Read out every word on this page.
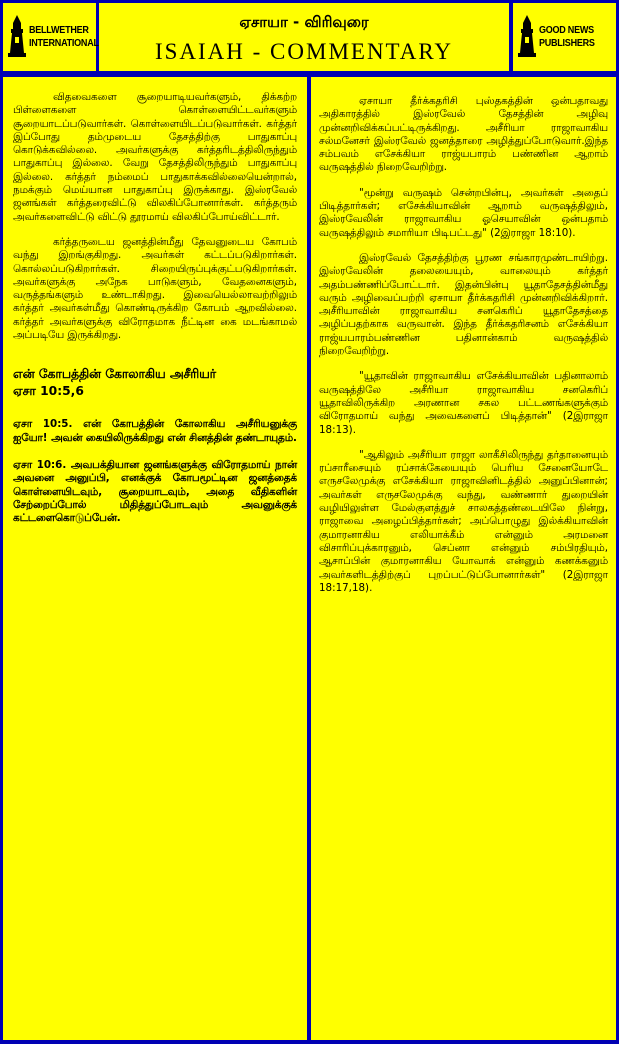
BELLWETHER
INTERNATIONAL
ஏசாயா - விரிவுரை
ISAIAH - COMMENTARY
GOOD NEWS
PUBLISHERS

விதவைகளை சூறையாடியவர்களும், திக்கற்ற பிள்ளைகளை கொள்ளையிட்டவர்களும் சூறையாடப்படுவார்கள். கொள்ளையிடப்படுவார்கள். கர்த்தர் இப்போது தம்முடைய தேசத்திற்கு பாதுகாப்பு கொடுக்கவில்லை. அவர்களுக்கு கர்த்தரிடத்திலிருந்தும் பாதுகாப்பு இல்லை. வேறு தேசத்திலிருந்தும் பாதுகாப்பு இல்லை. கர்த்தர் நம்மைப் பாதுகாக்கவில்லையென்றால், நமக்கும் மெய்யான பாதுகாப்பு இருக்காது. இஸ்ரவேல் ஜனங்கள் கர்த்தரைவிட்டு விலகிப்போனார்கள். கர்த்தரும் அவர்களைவிட்டு விட்டு தூரமாய் விலகிப்போய்விட்டார்.

கர்த்தருடைய ஜனத்தின்மீது தேவனுடைய கோபம் வந்து இறங்குகிறது. அவர்கள் கட்டப்படுகிறார்கள். கொல்லப்படுகிறார்கள். சிறையிருப்புக்குட்படுகிறார்கள். அவர்களுக்கு அநேக பாடுகளும், வேதனைகளும், வருத்தங்களும் உண்டாகிறது. இவையெல்லாவற்றிலும் கர்த்தர் அவர்கள்மீது கொண்டிருக்கிற கோபம் ஆறவில்லை. கர்த்தர் அவர்களுக்கு விரோதமாக நீட்டின கை மடங்காமல் அப்படியே இருக்கிறது.

என் கோபத்தின் கோலாகிய அசீரியர்
ஏசா 10:5,6

ஏசா 10:5. என் கோபத்தின் கோலாகிய அசீரியனுக்கு ஐயோ! அவன் கையிலிருக்கிறது என் சினத்தின் தண்டாயுதம்.

ஏசா 10:6. அவபக்தியான ஜனங்களுக்கு விரோதமாய் நான் அவனை அனுப்பி, எனக்குக் கோபமூட்டின ஜனத்தைக் கொள்ளையிடவும், சூறையாடவும், அதை வீதிகளின் சேற்றைப்போல் மிதித்துப்போடவும் அவனுக்குக் கட்டளைகொடுப்பேன்.

ஏசாயா தீர்க்கதரிசி புஸ்தகத்தின் ஒன்பதாவது அதிகாரத்தில் இஸ்ரவேல் தேசத்தின் அழிவு முன்னறிவிக்கப்பட்டிருக்கிறது. அசீரியா ராஜாவாகிய சல்மனேசர் இஸ்ரவேல் ஜனத்தாரை அழித்துப்போடுவார்.இந்த சம்பவம் எசேக்கியா ராஜ்யபாரம் பண்ணின ஆறாம் வருஷத்தில் நிறைவேறிற்று.

"மூன்று வருஷம் சென்றபின்பு, அவர்கள் அதைப் பிடித்தார்கள்; எசேக்கியாவின் ஆறாம் வருஷத்திலும், இஸ்ரவேலின் ராஜாவாகிய ஓசெயாவின் ஒன்பதாம் வருஷத்திலும் சமாரியா பிடிபட்டது" (2இராஜா 18:10).

இஸ்ரவேல் தேசத்திற்கு பூரண சங்காரமுண்டாயிற்று. இஸ்ரவேலின் தலையையும், வாலையும் கர்த்தர் அதம்பண்ணிப்போட்டார். இதன்பின்பு யூதாதேசத்தின்மீது வரும் அழிவைப்பற்றி ஏசாயா தீர்க்கதரிசி முன்னறிவிக்கிறார். அசீரியாவின் ராஜாவாகிய சனகெரிப் யூதாதேசத்தை அழிப்பதற்காக வருவான். இந்த தீர்க்கதரிசனம் எசேக்கியா ராஜ்யபாரம்பண்ணின பதினான்காம் வருஷத்தில் நிறைவேறிற்று.

"யூதாவின் ராஜாவாகிய எசேக்கியாவின் பதினாலாம் வருஷத்திலே அசீரியா ராஜாவாகிய சனகெரிப் யூதாவிலிருக்கிற அரணான சகல பட்டணங்களுக்கும் விரோதமாய் வந்து அவைகளைப் பிடித்தான்" (2இராஜா 18:13).

"ஆகிலும் அசீரியா ராஜா லாகீசிலிருந்து தர்தானையும் ரப்சாரீசையும் ரப்சாக்கேயையும் பெரிய சேனையோடே எருசலேமுக்கு எசேக்கியா ராஜாவினிடத்தில் அனுப்பினான்; அவர்கள் எருசலேமுக்கு வந்து, வண்ணார் துறையின் வழியிலுள்ள மேல்குளத்துச் சாலகத்தண்டையிலே நின்று, ராஜாவை அழைப்பித்தார்கள்; அப்பொழுது இல்க்கியாவின் குமாரனாகிய எலியாக்கீம் என்னும் அரமனை விசாரிப்புக்காரனும், செப்னா என்னும் சம்பிரதியும், ஆசாப்பின் குமாரனாகிய யோவாக் என்னும் கணக்கனும் அவர்களிடத்திற்குப் புறப்பட்டுப்போனார்கள்" (2இராஜா 18:17,18).
